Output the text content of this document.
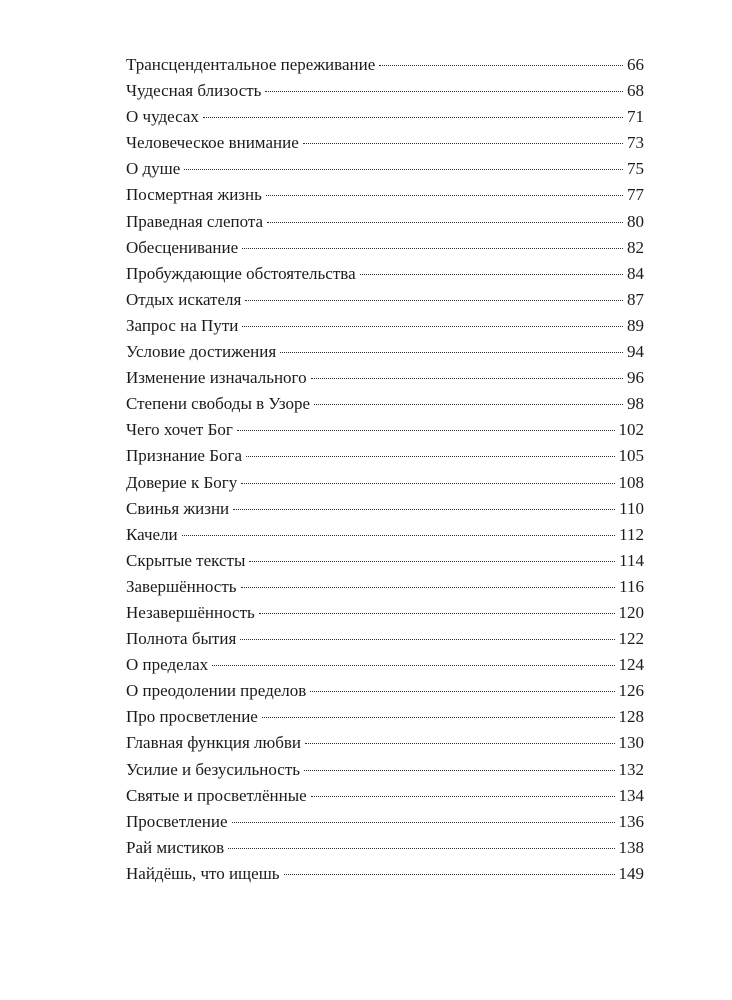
Трансцендентальное переживание	66
Чудесная близость	68
О чудесах	71
Человеческое внимание	73
О душе	75
Посмертная жизнь	77
Праведная слепота	80
Обесценивание	82
Пробуждающие обстоятельства	84
Отдых искателя	87
Запрос на Пути	89
Условие достижения	94
Изменение изначального	96
Степени свободы в Узоре	98
Чего хочет Бог	102
Признание Бога	105
Доверие к Богу	108
Свинья жизни	110
Качели	112
Скрытые тексты	114
Завершённость	116
Незавершённость	120
Полнота бытия	122
О пределах	124
О преодолении пределов	126
Про просветление	128
Главная функция любви	130
Усилие и безусильность	132
Святые и просветлённые	134
Просветление	136
Рай мистиков	138
Найдёшь, что ищешь	149
